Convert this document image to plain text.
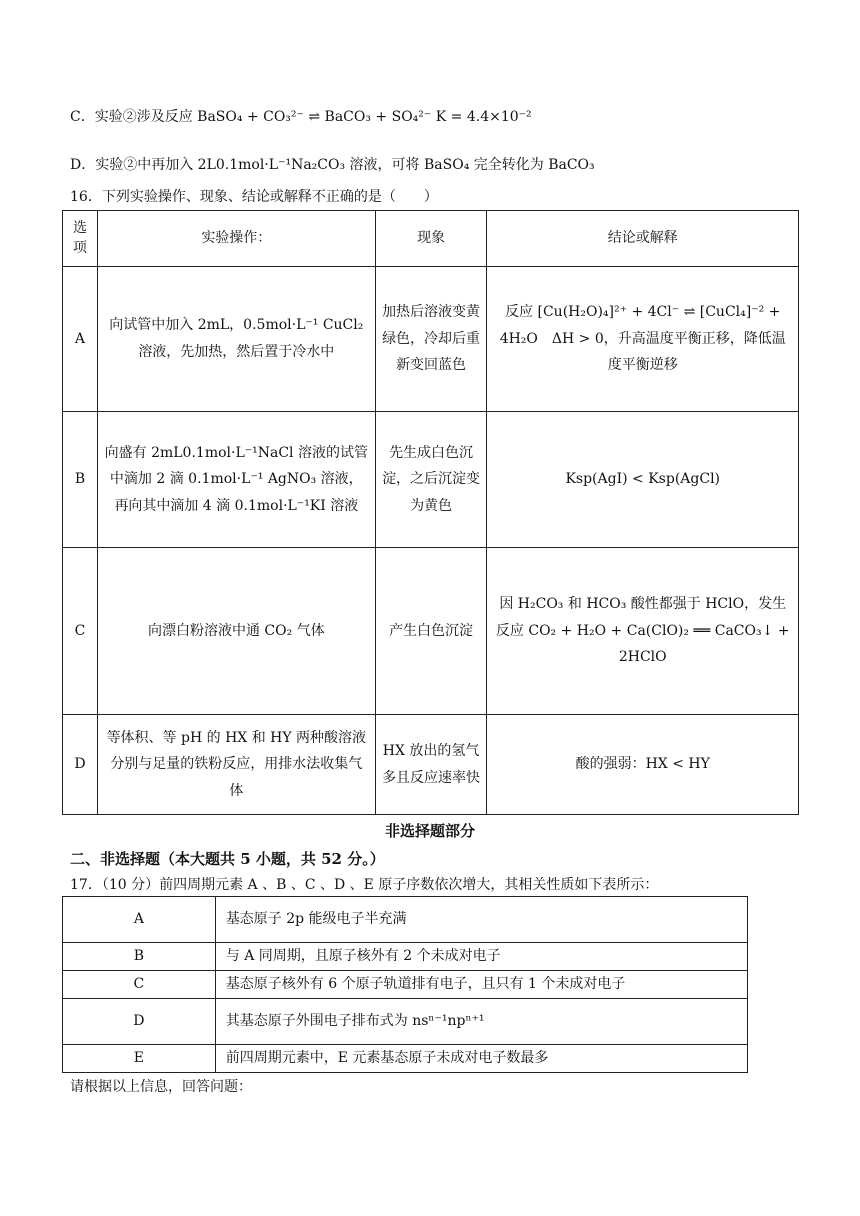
C．实验②涉及反应 BaSO₄ + CO₃²⁻ ⇌ BaCO₃ + SO₄²⁻ K = 4.4×10⁻²
D．实验②中再加入 2L0.1mol·L⁻¹Na₂CO₃ 溶液，可将 BaSO₄ 完全转化为 BaCO₃
16．下列实验操作、现象、结论或解释不正确的是（　　）
选项	实验操作：	现象	结论或解释
A	向试管中加入 2mL，0.5mol·L⁻¹ CuCl₂ 溶液，先加热，然后置于冷水中	加热后溶液变黄绿色，冷却后重新变回蓝色	反应 [Cu(H₂O)₄]²⁺ + 4Cl⁻ ⇌ [CuCl₄]⁻² + 4H₂O　ΔH > 0，升高温度平衡正移，降低温度平衡逆移
B	向盛有 2mL0.1mol·L⁻¹NaCl 溶液的试管中滴加 2 滴 0.1mol·L⁻¹ AgNO₃ 溶液，再向其中滴加 4 滴 0.1mol·L⁻¹KI 溶液	先生成白色沉淀，之后沉淀变为黄色	Ksp(AgI) < Ksp(AgCl)
C	向漂白粉溶液中通 CO₂ 气体	产生白色沉淀	因 H₂CO₃ 和 HCO₃ 酸性都强于 HClO，发生反应 CO₂ + H₂O + Ca(ClO)₂ ══ CaCO₃↓ + 2HClO
D	等体积、等 pH 的 HX 和 HY 两种酸溶液分别与足量的铁粉反应，用排水法收集气体	HX 放出的氢气多且反应速率快	酸的强弱：HX < HY
非选择题部分
二、非选择题（本大题共 5 小题，共 52 分。）
17．（10 分）前四周期元素 A 、B 、C 、D 、E 原子序数依次增大，其相关性质如下表所示：
A	基态原子 2p 能级电子半充满
B	与 A 同周期，且原子核外有 2 个未成对电子
C	基态原子核外有 6 个原子轨道排有电子，且只有 1 个未成对电子
D	其基态原子外围电子排布式为 nsⁿ⁻¹npⁿ⁺¹
E	前四周期元素中，E 元素基态原子未成对电子数最多
请根据以上信息，回答问题：
